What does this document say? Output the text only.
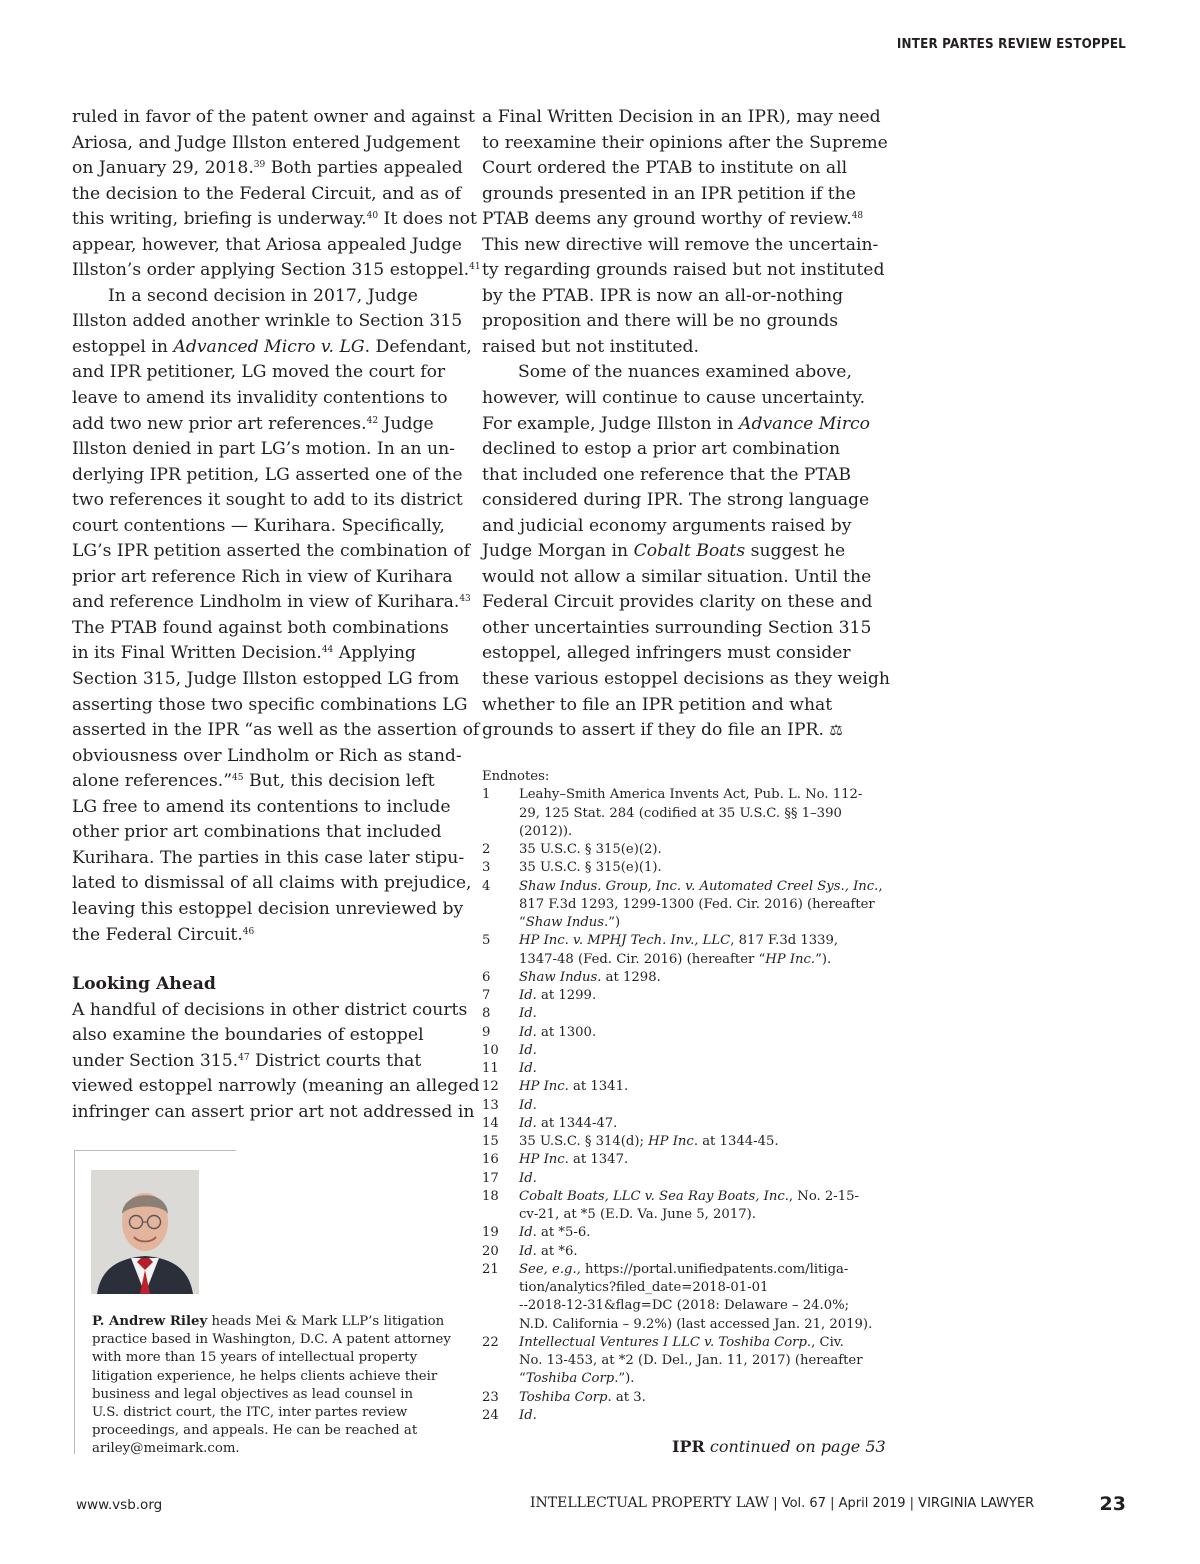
INTER PARTES REVIEW ESTOPPEL

ruled in favor of the patent owner and against
Ariosa, and Judge Illston entered Judgement
on January 29, 2018.39 Both parties appealed
the decision to the Federal Circuit, and as of
this writing, briefing is underway.$^{40}$ It does not
appear, however, that Ariosa appealed Judge
Illston’s order applying Section 315 estoppel.$^{41}$

In a second decision in 2017, Judge
Illston added another wrinkle to Section 315
estoppel in Advanced Micro v. LG. Defendant,
and IPR petitioner, LG moved the court for
leave to amend its invalidity contentions to
add two new prior art references.$^{42}$ Judge
Illston denied in part LG’s motion. In an un-
derlying IPR petition, LG asserted one of the
two references it sought to add to its district
court contentions — Kurihara. Specifically,
LG’s IPR petition asserted the combination of
prior art reference Rich in view of Kurihara
and reference Lindholm in view of Kurihara.$^{43}$
The PTAB found against both combinations
in its Final Written Decision.$^{44}$ Applying
Section 315, Judge Illston estopped LG from
asserting those two specific combinations LG
asserted in the IPR “as well as the assertion of
obviousness over Lindholm or Rich as stand-
alone references.”$^{45}$ But, this decision left
LG free to amend its contentions to include
other prior art combinations that included
Kurihara. The parties in this case later stipu-
lated to dismissal of all claims with prejudice,
leaving this estoppel decision unreviewed by
the Federal Circuit.$^{46}$

Looking Ahead

A handful of decisions in other district courts
also examine the boundaries of estoppel
under Section 315.47 District courts that
viewed estoppel narrowly (meaning an alleged
infringer can assert prior art not addressed in

a Final Written Decision in an IPR), may need
to reexamine their opinions after the Supreme
Court ordered the PTAB to institute on all
grounds presented in an IPR petition if the
PTAB deems any ground worthy of review.$^{48}$
This new directive will remove the uncertain-
ty regarding grounds raised but not instituted
by the PTAB. IPR is now an all-or-nothing
proposition and there will be no grounds
raised but not instituted.

Some of the nuances examined above,
however, will continue to cause uncertainty.
For example, Judge Illston in Advance Mirco
declined to estop a prior art combination
that included one reference that the PTAB
considered during IPR. The strong language
and judicial economy arguments raised by
Judge Morgan in Cobalt Boats suggest he
would not allow a similar situation. Until the
Federal Circuit provides clarity on these and
other uncertainties surrounding Section 315
estoppel, alleged infringers must consider
these various estoppel decisions as they weigh
whether to file an IPR petition and what
grounds to assert if they do file an IPR. ⚖

Endnotes:
1	Leahy–Smith America Invents Act, Pub. L. No. 112-
29, 125 Stat. 284 (codified at 35 U.S.C. §§ 1–390
(2012)).
2	35 U.S.C. § 315(e)(2).
3	35 U.S.C. § 315(e)(1).
4	Shaw Indus. Group, Inc. v. Automated Creel Sys., Inc.,
817 F.3d 1293, 1299-1300 (Fed. Cir. 2016) (hereafter
“Shaw Indus.”)
5	HP Inc. v. MPHJ Tech. Inv., LLC, 817 F.3d 1339,
1347-48 (Fed. Cir. 2016) (hereafter “HP Inc.”).
6	Shaw Indus. at 1298.
7	Id. at 1299.
8	Id.
9	Id. at 1300.
10	Id.
11	Id.
12	HP Inc. at 1341.
13	Id.
14	Id. at 1344-47.
15	35 U.S.C. § 314(d); HP Inc. at 1344-45.
16	HP Inc. at 1347.
17	Id.
18	Cobalt Boats, LLC v. Sea Ray Boats, Inc., No. 2-15-
cv-21, at *5 (E.D. Va. June 5, 2017).
19	Id. at *5-6.
20	Id. at *6.
21	See, e.g., https://portal.unifiedpatents.com/litiga-
tion/analytics?filed_date=2018-01-01
--2018-12-31&flag=DC (2018: Delaware – 24.0%;
N.D. California – 9.2%) (last accessed Jan. 21, 2019).
22	Intellectual Ventures I LLC v. Toshiba Corp., Civ.
No. 13-453, at *2 (D. Del., Jan. 11, 2017) (hereafter
“Toshiba Corp.”).
23	Toshiba Corp. at 3.
24	Id.
P. Andrew Riley heads Mei & Mark LLP’s litigation
practice based in Washington, D.C. A patent attorney
with more than 15 years of intellectual property
litigation experience, he helps clients achieve their
business and legal objectives as lead counsel in
U.S. district court, the ITC, inter partes review
proceedings, and appeals. He can be reached at
ariley@meimark.com.	IPR continued on page 53
www.vsb.org	INTELLECTUAL PROPERTY LAW | Vol. 67 | April 2019 | VIRGINIA LAWYER	23
